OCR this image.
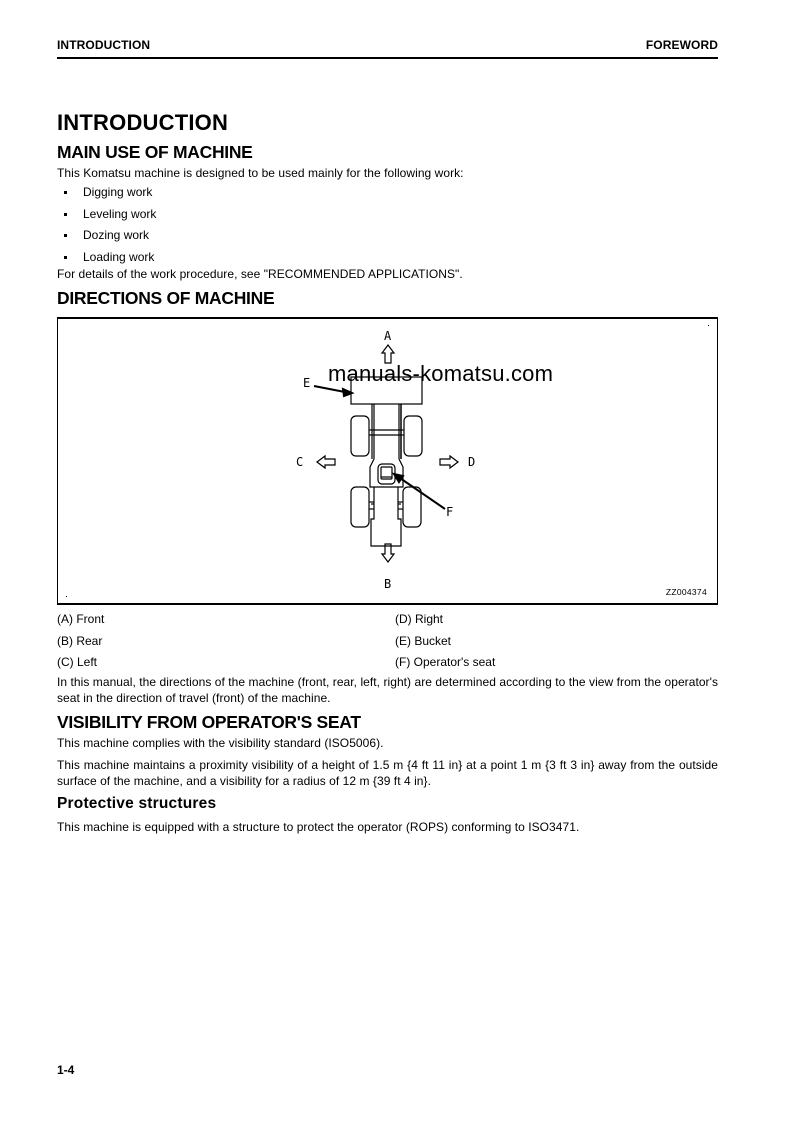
INTRODUCTION	FOREWORD
INTRODUCTION
MAIN USE OF MACHINE

This Komatsu machine is designed to be used mainly for the following work:

Digging work
Leveling work
Dozing work
Loading work

For details of the work procedure, see "RECOMMENDED APPLICATIONS".

DIRECTIONS OF MACHINE
A
B
C	D
E
F
manuals-komatsu.com
ZZ004374
(A) Front	(D) Right
(B) Rear	(E) Bucket
(C) Left	(F) Operator's seat

In this manual, the directions of the machine (front, rear, left, right) are determined according to the view from the operator's seat in the direction of travel (front) of the machine.

VISIBILITY FROM OPERATOR'S SEAT

This machine complies with the visibility standard (ISO5006).

This machine maintains a proximity visibility of a height of 1.5 m {4 ft 11 in} at a point 1 m {3 ft 3 in} away from the outside surface of the machine, and a visibility for a radius of 12 m {39 ft 4 in}.

Protective structures

This machine is equipped with a structure to protect the operator (ROPS) conforming to ISO3471.

1-4
